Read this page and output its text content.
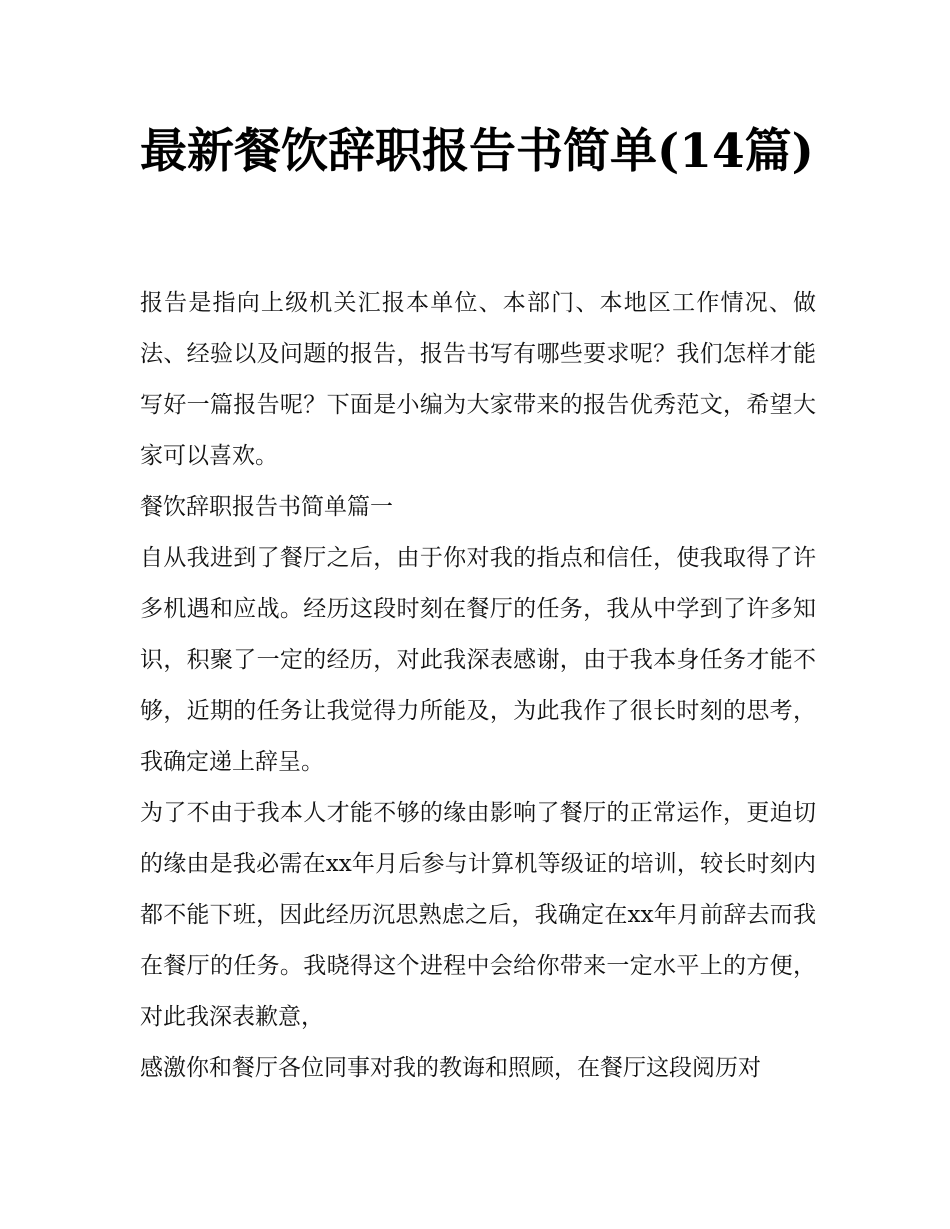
最新餐饮辞职报告书简单(14篇)

报告是指向上级机关汇报本单位、本部门、本地区工作情况、做法、经验以及问题的报告，报告书写有哪些要求呢？我们怎样才能写好一篇报告呢？下面是小编为大家带来的报告优秀范文，希望大家可以喜欢。

餐饮辞职报告书简单篇一

自从我进到了餐厅之后，由于你对我的指点和信任，使我取得了许多机遇和应战。经历这段时刻在餐厅的任务，我从中学到了许多知识，积聚了一定的经历，对此我深表感谢，由于我本身任务才能不够，近期的任务让我觉得力所能及，为此我作了很长时刻的思考，我确定递上辞呈。

为了不由于我本人才能不够的缘由影响了餐厅的正常运作，更迫切的缘由是我必需在xx年月后参与计算机等级证的培训，较长时刻内都不能下班，因此经历沉思熟虑之后，我确定在xx年月前辞去而我在餐厅的任务。我晓得这个进程中会给你带来一定水平上的方便，对此我深表歉意，

感激你和餐厅各位同事对我的教诲和照顾，在餐厅这段阅历对
